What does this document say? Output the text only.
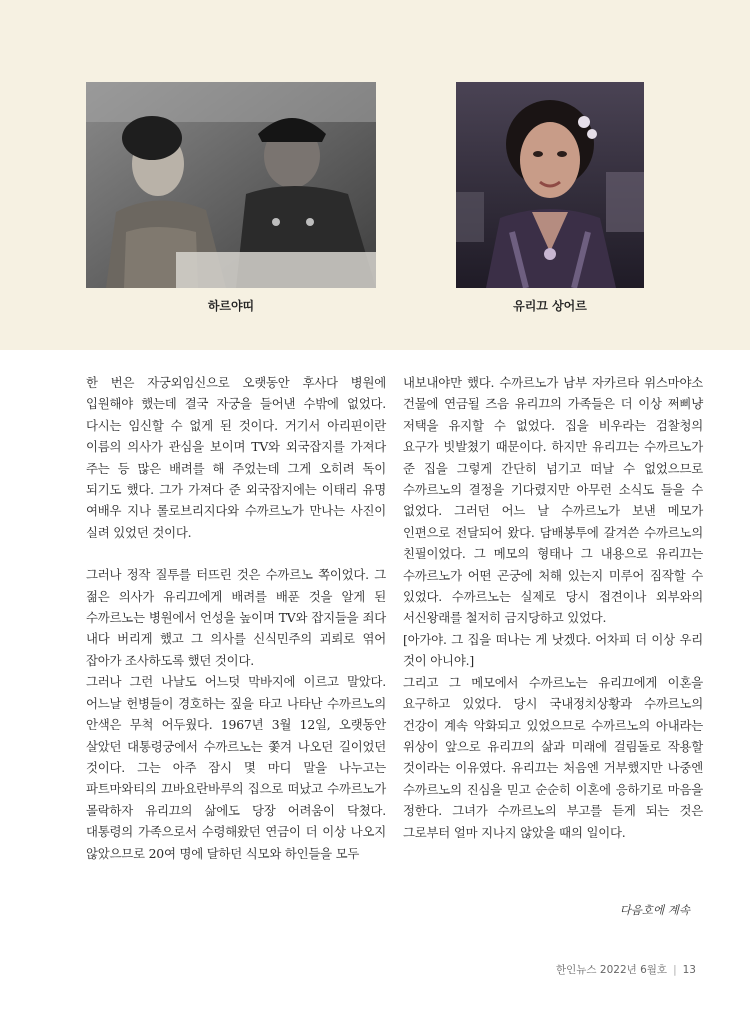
하르야띠	유리끄 상어르

한 번은 자궁외임신으로 오랫동안 후사다 병원에 입원해야 했는데 결국 자궁을 들어낸 수밖에 없었다. 다시는 임신할 수 없게 된 것이다. 거기서 아리핀이란 이름의 의사가 관심을 보이며 TV와 외국잡지를 가져다 주는 등 많은 배려를 해 주었는데 그게 오히려 독이 되기도 했다. 그가 가져다 준 외국잡지에는 이태리 유명 여배우 지나 롤로브리지다와 수까르노가 만나는 사진이 실려 있었던 것이다.

그러나 정작 질투를 터뜨린 것은 수까르노 쪽이었다. 그 젊은 의사가 유리끄에게 배려를 배푼 것을 알게 된 수까르노는 병원에서 언성을 높이며 TV와 잡지들을 죄다 내다 버리게 했고 그 의사를 신식민주의 괴뢰로 엮어 잡아가 조사하도록 했던 것이다.

그러나 그런 나날도 어느덧 막바지에 이르고 말았다. 어느날 헌병들이 경호하는 짚을 타고 나타난 수까르노의 안색은 무척 어두웠다. 1967년 3월 12일, 오랫동안 살았던 대통령궁에서 수까르노는 쫓겨 나오던 길이었던 것이다. 그는 아주 잠시 몇 마디 말을 나누고는 파트마와티의 끄바요란바루의 집으로 떠났고 수까르노가 몰락하자 유리끄의 삶에도 당장 어려움이 닥쳤다. 대통령의 가족으로서 수령해왔던 연금이 더 이상 나오지 않았으므로 20여 명에 달하던 식모와 하인들을 모두

내보내야만 했다. 수까르노가 남부 자카르타 위스마야소 건물에 연금될 즈음 유리끄의 가족들은 더 이상 쩌삐냥 저택을 유지할 수 없었다. 집을 비우라는 검찰청의 요구가 빗발쳤기 때문이다. 하지만 유리끄는 수까르노가 준 집을 그렇게 간단히 넘기고 떠날 수 없었으므로 수까르노의 결정을 기다렸지만 아무런 소식도 들을 수 없었다. 그러던 어느 날 수까르노가 보낸 메모가 인편으로 전달되어 왔다. 담배봉투에 갈겨쓴 수까르노의 친필이었다. 그 메모의 형태나 그 내용으로 유리끄는 수까르노가 어떤 곤궁에 처해 있는지 미루어 짐작할 수 있었다. 수까르노는 실제로 당시 접견이나 외부와의 서신왕래를 철저히 금지당하고 있었다.

[아가야. 그 집을 떠나는 게 낫겠다. 어차피 더 이상 우리 것이 아니야.]

그리고 그 메모에서 수까르노는 유리끄에게 이혼을 요구하고 있었다. 당시 국내정치상황과 수까르노의 건강이 계속 악화되고 있었으므로 수까르노의 아내라는 위상이 앞으로 유리끄의 삶과 미래에 걸림돌로 작용할 것이라는 이유였다. 유리끄는 처음엔 거부했지만 나중엔 수까르노의 진심을 믿고 순순히 이혼에 응하기로 마음을 정한다. 그녀가 수까르노의 부고를 듣게 되는 것은 그로부터 얼마 지나지 않았을 때의 일이다.

다음호에 계속
한인뉴스 2022년 6월호 | 13
